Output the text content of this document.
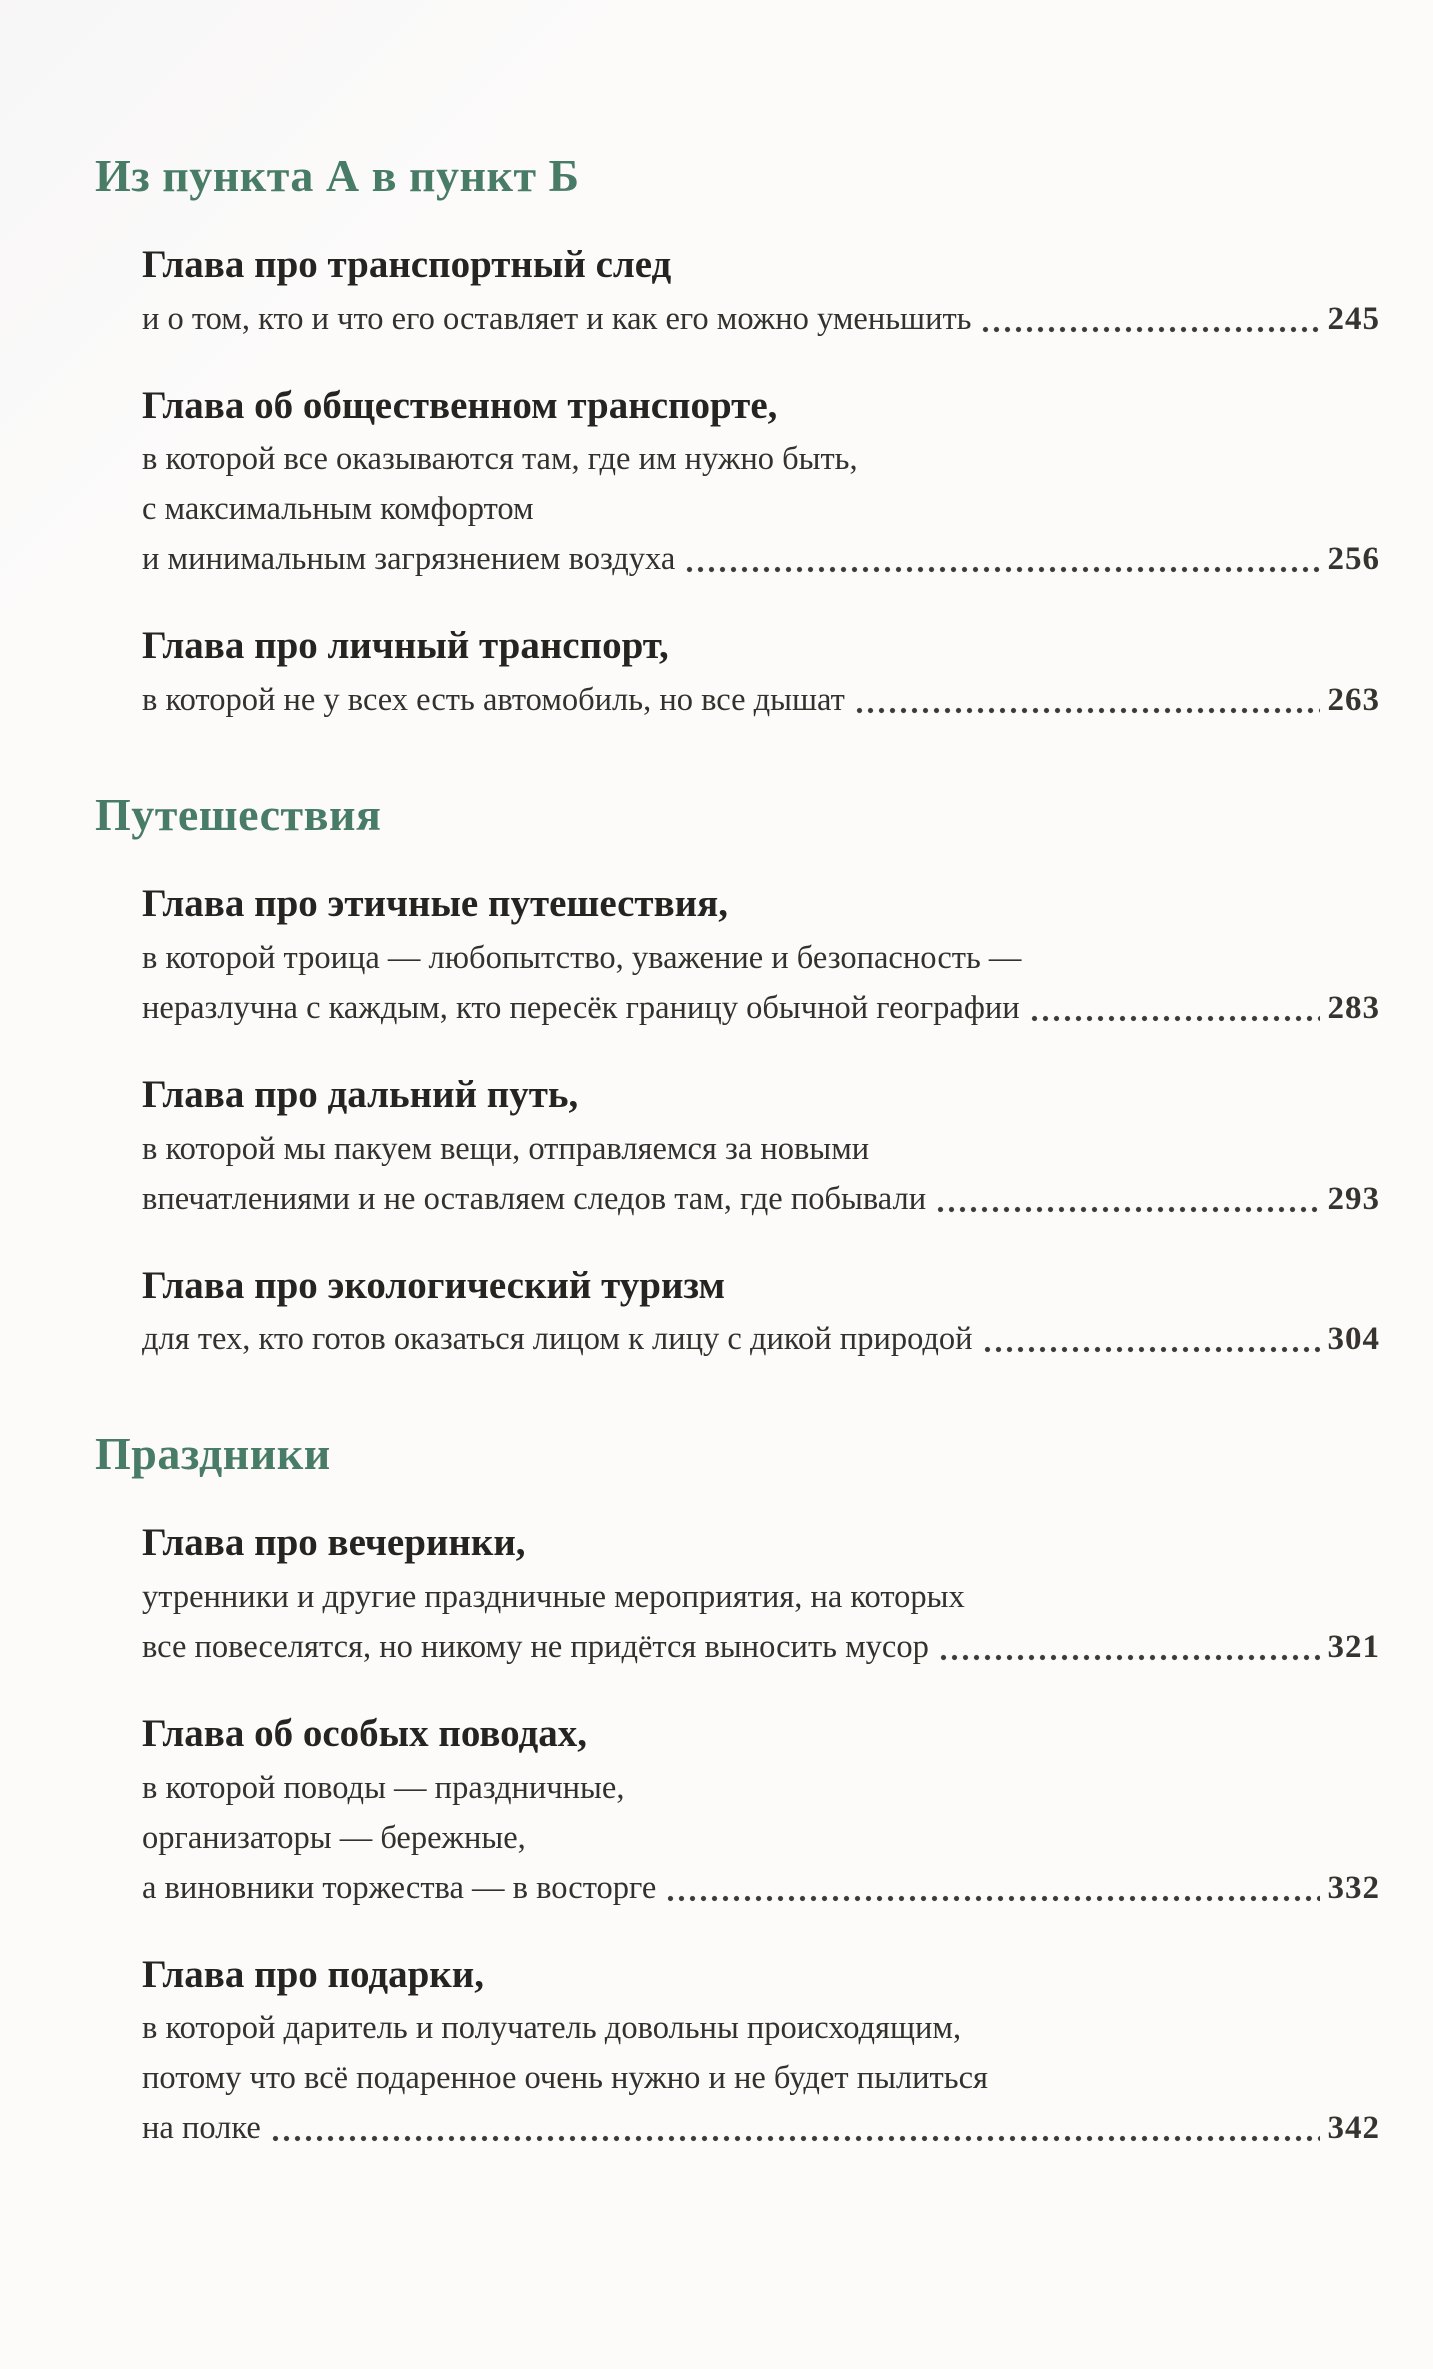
Из пункта А в пункт Б
Глава про транспортный след
и о том, кто и что его оставляет и как его можно уменьшить	245
Глава об общественном транспорте,
в которой все оказываются там, где им нужно быть,
с максимальным комфортом
и минимальным загрязнением воздуха	256
Глава про личный транспорт,
в которой не у всех есть автомобиль, но все дышат	263
Путешествия
Глава про этичные путешествия,
в которой троица — любопытство, уважение и безопасность —
неразлучна с каждым, кто пересёк границу обычной географии	283
Глава про дальний путь,
в которой мы пакуем вещи, отправляемся за новыми
впечатлениями и не оставляем следов там, где побывали	293
Глава про экологический туризм
для тех, кто готов оказаться лицом к лицу с дикой природой	304
Праздники
Глава про вечеринки,
утренники и другие праздничные мероприятия, на которых
все повеселятся, но никому не придётся выносить мусор	321
Глава об особых поводах,
в которой поводы — праздничные,
организаторы — бережные,
а виновники торжества — в восторге	332
Глава про подарки,
в которой даритель и получатель довольны происходящим,
потому что всё подаренное очень нужно и не будет пылиться
на полке	342
